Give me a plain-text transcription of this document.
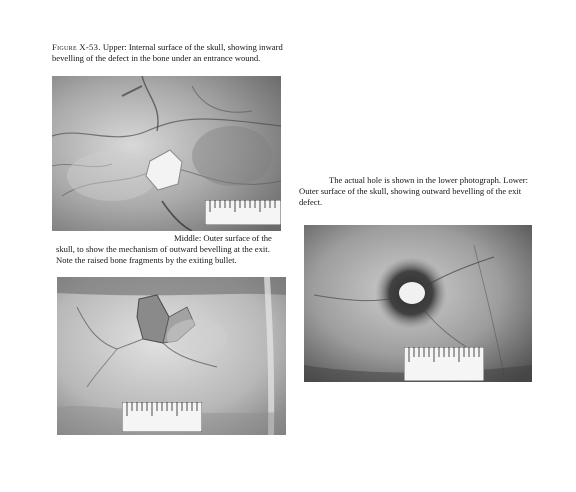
Figure X-53. Upper: Internal surface of the skull, showing inward bevelling of the defect in the bone under an entrance wound.

Middle: Outer surface of the skull, to show the mechanism of outward bevelling at the exit. Note the raised bone fragments by the exiting bullet.

The actual hole is shown in the lower photograph. Lower: Outer surface of the skull, showing outward bevelling of the exit defect.
